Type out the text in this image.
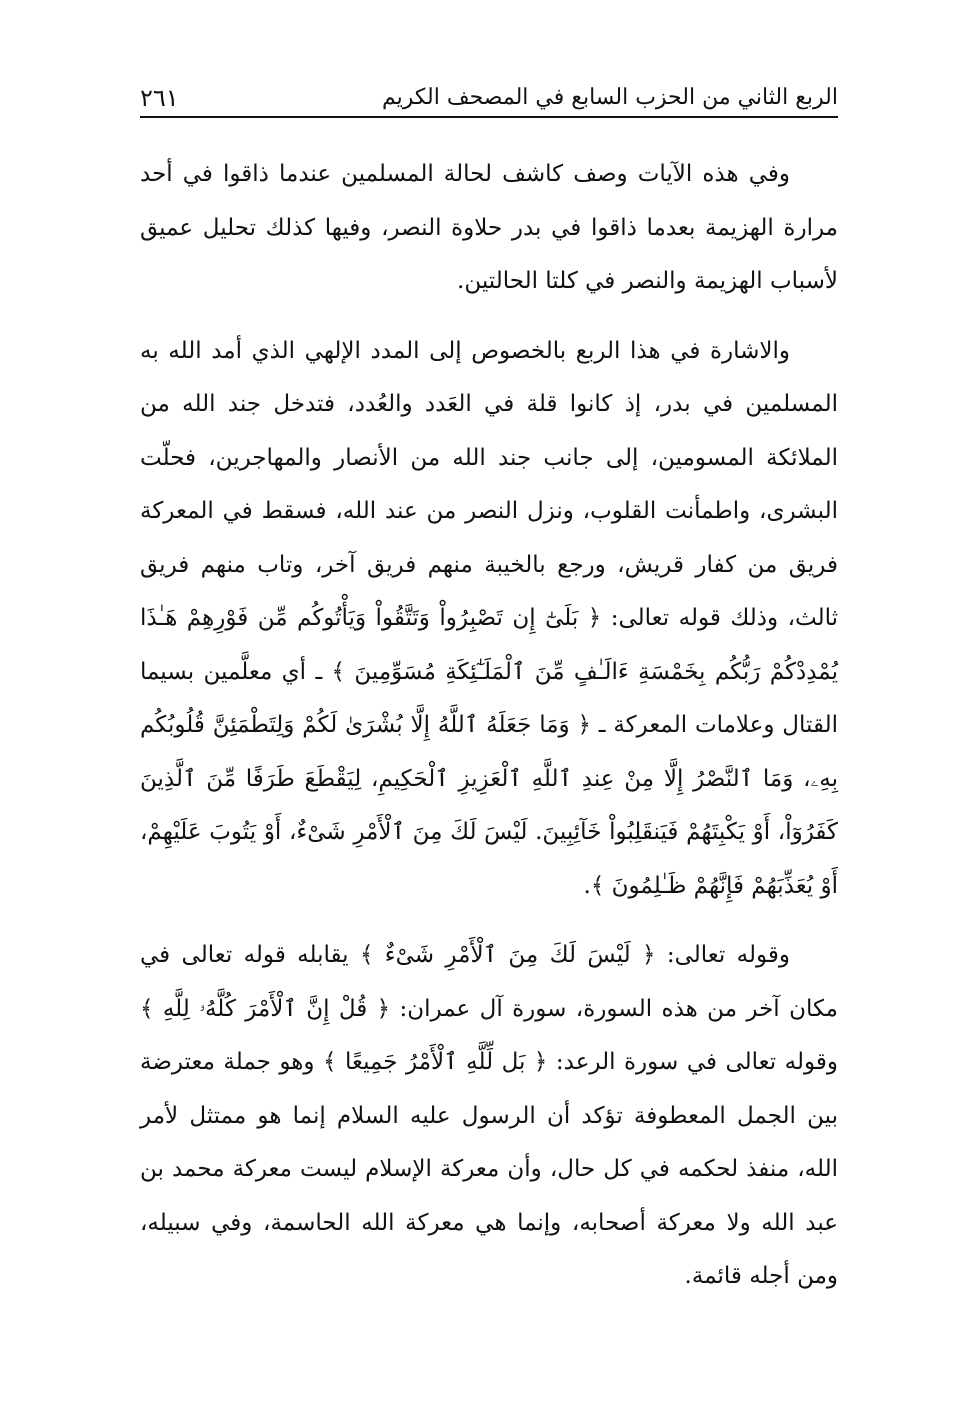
الربع الثاني من الحزب السابع في المصحف الكريم
٢٦١

وفي هذه الآيات وصف كاشف لحالة المسلمين عندما ذاقوا في أحد مرارة الهزيمة بعدما ذاقوا في بدر حلاوة النصر، وفيها كذلك تحليل عميق لأسباب الهزيمة والنصر في كلتا الحالتين.

والاشارة في هذا الربع بالخصوص إلى المدد الإلهي الذي أمد الله به المسلمين في بدر، إذ كانوا قلة في العَدد والعُدد، فتدخل جند الله من الملائكة المسومين، إلى جانب جند الله من الأنصار والمهاجرين، فحلّت البشرى، واطمأنت القلوب، ونزل النصر من عند الله، فسقط في المعركة فريق من كفار قريش، ورجع بالخيبة منهم فريق آخر، وتاب منهم فريق ثالث، وذلك قوله تعالى: ﴿ بَلَىٰٓ إِن تَصْبِرُواْ وَتَتَّقُواْ وَيَأْتُوكُم مِّن فَوْرِهِمْ هَـٰذَا يُمْدِدْكُمْ رَبُّكُم بِخَمْسَةِ ءَالَـٰفٍ مِّنَ ٱلْمَلَـٰٓئِكَةِ مُسَوِّمِينَ ﴾ ـ أي معلَّمين بسيما القتال وعلامات المعركة ـ ﴿ وَمَا جَعَلَهُ ٱللَّهُ إِلَّا بُشْرَىٰ لَكُمْ وَلِتَطْمَئِنَّ قُلُوبُكُم بِهِۦ، وَمَا ٱلنَّصْرُ إِلَّا مِنْ عِندِ ٱللَّهِ ٱلْعَزِيزِ ٱلْحَكِيمِ، لِيَقْطَعَ طَرَفًا مِّنَ ٱلَّذِينَ كَفَرُوٓاْ، أَوْ يَكْبِتَهُمْ فَيَنقَلِبُواْ خَآئِبِينَ. لَيْسَ لَكَ مِنَ ٱلْأَمْرِ شَىْءٌ، أَوْ يَتُوبَ عَلَيْهِمْ، أَوْ يُعَذِّبَهُمْ فَإِنَّهُمْ ظَـٰلِمُونَ ﴾.

وقوله تعالى: ﴿ لَيْسَ لَكَ مِنَ ٱلْأَمْرِ شَىْءٌ ﴾ يقابله قوله تعالى في مكان آخر من هذه السورة، سورة آل عمران: ﴿ قُلْ إِنَّ ٱلْأَمْرَ كُلَّهُۥ لِلَّهِ ﴾ وقوله تعالى في سورة الرعد: ﴿ بَل لِّلَّهِ ٱلْأَمْرُ جَمِيعًا ﴾ وهو جملة معترضة بين الجمل المعطوفة تؤكد أن الرسول عليه السلام إنما هو ممتثل لأمر الله، منفذ لحكمه في كل حال، وأن معركة الإسلام ليست معركة محمد بن عبد الله ولا معركة أصحابه، وإنما هي معركة الله الحاسمة، وفي سبيله، ومن أجله قائمة.
